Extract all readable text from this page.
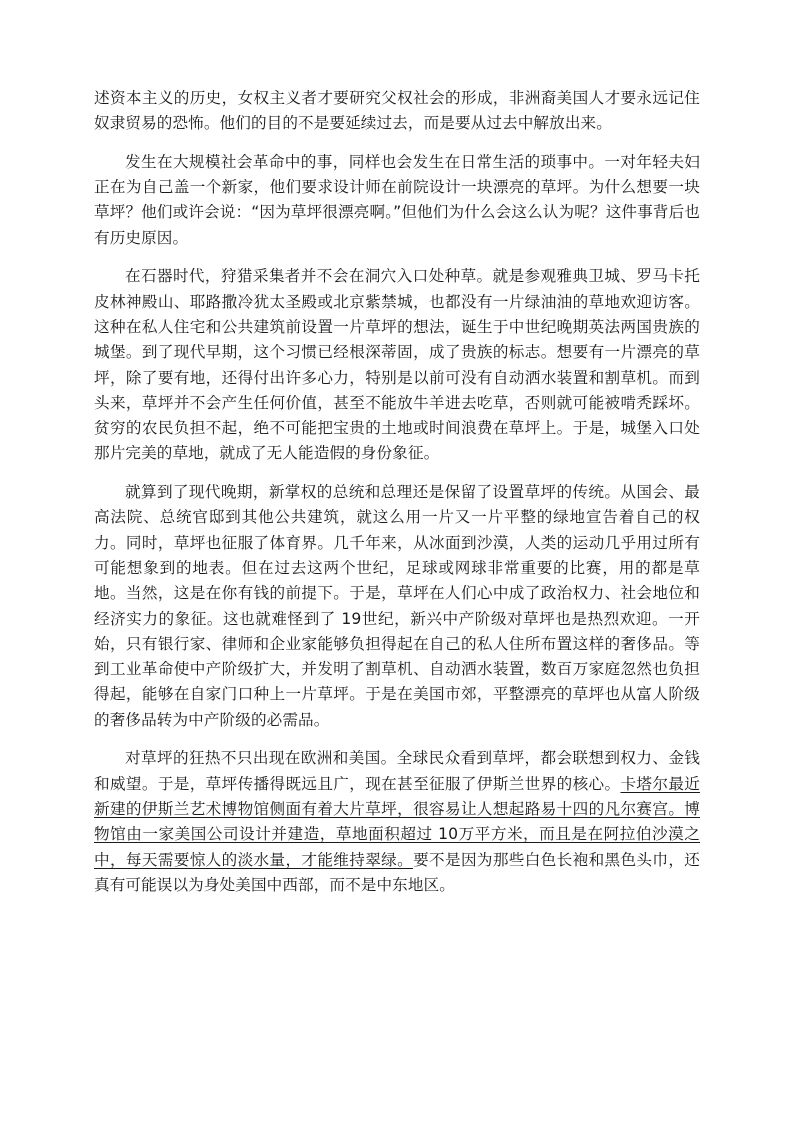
述资本主义的历史，女权主义者才要研究父权社会的形成，非洲裔美国人才要永远记住奴隶贸易的恐怖。他们的目的不是要延续过去，而是要从过去中解放出来。

发生在大规模社会革命中的事，同样也会发生在日常生活的琐事中。一对年轻夫妇正在为自己盖一个新家，他们要求设计师在前院设计一块漂亮的草坪。为什么想要一块草坪？他们或许会说：“因为草坪很漂亮啊。”但他们为什么会这么认为呢？这件事背后也有历史原因。

在石器时代，狩猎采集者并不会在洞穴入口处种草。就是参观雅典卫城、罗马卡托皮林神殿山、耶路撒冷犹太圣殿或北京紫禁城，也都没有一片绿油油的草地欢迎访客。这种在私人住宅和公共建筑前设置一片草坪的想法，诞生于中世纪晚期英法两国贵族的城堡。到了现代早期，这个习惯已经根深蒂固，成了贵族的标志。想要有一片漂亮的草坪，除了要有地，还得付出许多心力，特别是以前可没有自动洒水装置和割草机。而到头来，草坪并不会产生任何价值，甚至不能放牛羊进去吃草，否则就可能被啃秃踩坏。贫穷的农民负担不起，绝不可能把宝贵的土地或时间浪费在草坪上。于是，城堡入口处那片完美的草地，就成了无人能造假的身份象征。

就算到了现代晚期，新掌权的总统和总理还是保留了设置草坪的传统。从国会、最高法院、总统官邸到其他公共建筑，就这么用一片又一片平整的绿地宣告着自己的权力。同时，草坪也征服了体育界。几千年来，从冰面到沙漠，人类的运动几乎用过所有可能想象到的地表。但在过去这两个世纪，足球或网球非常重要的比赛，用的都是草地。当然，这是在你有钱的前提下。于是，草坪在人们心中成了政治权力、社会地位和经济实力的象征。这也就难怪到了 19世纪，新兴中产阶级对草坪也是热烈欢迎。一开始，只有银行家、律师和企业家能够负担得起在自己的私人住所布置这样的奢侈品。等到工业革命使中产阶级扩大，并发明了割草机、自动洒水装置，数百万家庭忽然也负担得起，能够在自家门口种上一片草坪。于是在美国市郊，平整漂亮的草坪也从富人阶级的奢侈品转为中产阶级的必需品。

对草坪的狂热不只出现在欧洲和美国。全球民众看到草坪，都会联想到权力、金钱和威望。于是，草坪传播得既远且广，现在甚至征服了伊斯兰世界的核心。卡塔尔最近新建的伊斯兰艺术博物馆侧面有着大片草坪，很容易让人想起路易十四的凡尔赛宫。博物馆由一家美国公司设计并建造，草地面积超过 10万平方米，而且是在阿拉伯沙漠之中，每天需要惊人的淡水量，才能维持翠绿。要不是因为那些白色长袍和黑色头巾，还真有可能误以为身处美国中西部，而不是中东地区。
